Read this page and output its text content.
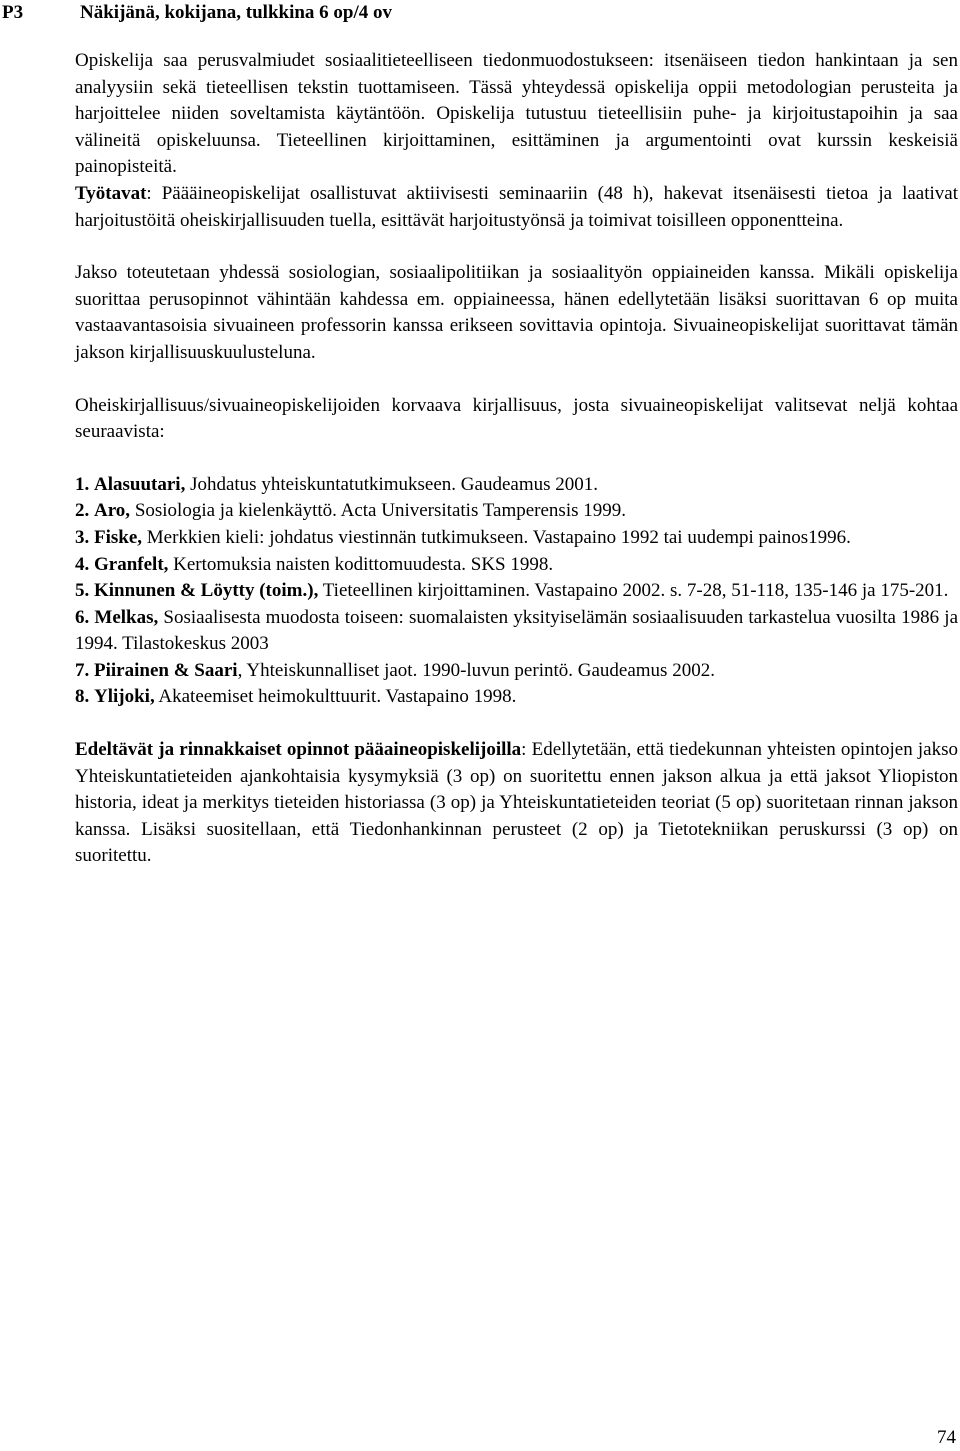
P3	Näkijänä, kokijana, tulkkina 6 op/4 ov

Opiskelija saa perusvalmiudet sosiaalitieteelliseen tiedonmuodostukseen: itsenäiseen tiedon hankintaan ja sen analyysiin sekä tieteellisen tekstin tuottamiseen. Tässä yhteydessä opiskelija oppii metodologian perusteita ja harjoittelee niiden soveltamista käytäntöön. Opiskelija tutustuu tieteellisiin puhe- ja kirjoitustapoihin ja saa välineitä opiskeluunsa. Tieteellinen kirjoittaminen, esittäminen ja argumentointi ovat kurssin keskeisiä painopisteitä.
Työtavat: Päääineopiskelijat osallistuvat aktiivisesti seminaariin (48 h), hakevat itsenäisesti tietoa ja laativat harjoitustöitä oheiskirjallisuuden tuella, esittävät harjoitustyönsä ja toimivat toisilleen opponentteina.

Jakso toteutetaan yhdessä sosiologian, sosiaalipolitiikan ja sosiaalityön oppiaineiden kanssa. Mikäli opiskelija suorittaa perusopinnot vähintään kahdessa em. oppiaineessa, hänen edellytetään lisäksi suorittavan 6 op muita vastaavantasoisia sivuaineen professorin kanssa erikseen sovittavia opintoja. Sivuaineopiskelijat suorittavat tämän jakson kirjallisuuskuulusteluna.

Oheiskirjallisuus/sivuaineopiskelijoiden korvaava kirjallisuus, josta sivuaineopiskelijat valitsevat neljä kohtaa seuraavista:

1. Alasuutari, Johdatus yhteiskuntatutkimukseen. Gaudeamus 2001.

2. Aro, Sosiologia ja kielenkäyttö. Acta Universitatis Tamperensis 1999.

3. Fiske, Merkkien kieli: johdatus viestinnän tutkimukseen. Vastapaino 1992 tai uudempi painos1996.

4. Granfelt, Kertomuksia naisten kodittomuudesta. SKS 1998.

5. Kinnunen & Löytty (toim.), Tieteellinen kirjoittaminen. Vastapaino 2002. s. 7-28, 51-118, 135-146 ja 175-201.

6. Melkas, Sosiaalisesta muodosta toiseen: suomalaisten yksityiselämän sosiaalisuuden tarkastelua vuosilta 1986 ja 1994. Tilastokeskus 2003

7. Piirainen & Saari, Yhteiskunnalliset jaot. 1990-luvun perintö. Gaudeamus 2002.

8. Ylijoki, Akateemiset heimokulttuurit. Vastapaino 1998.

Edeltävät ja rinnakkaiset opinnot pääaineopiskelijoilla: Edellytetään, että tiedekunnan yhteisten opintojen jakso Yhteiskuntatieteiden ajankohtaisia kysymyksiä (3 op) on suoritettu ennen jakson alkua ja että jaksot Yliopiston historia, ideat ja merkitys tieteiden historiassa (3 op) ja Yhteiskuntatieteiden teoriat (5 op) suoritetaan rinnan jakson kanssa. Lisäksi suositellaan, että Tiedonhankinnan perusteet (2 op) ja Tietotekniikan peruskurssi (3 op) on suoritettu.

74
